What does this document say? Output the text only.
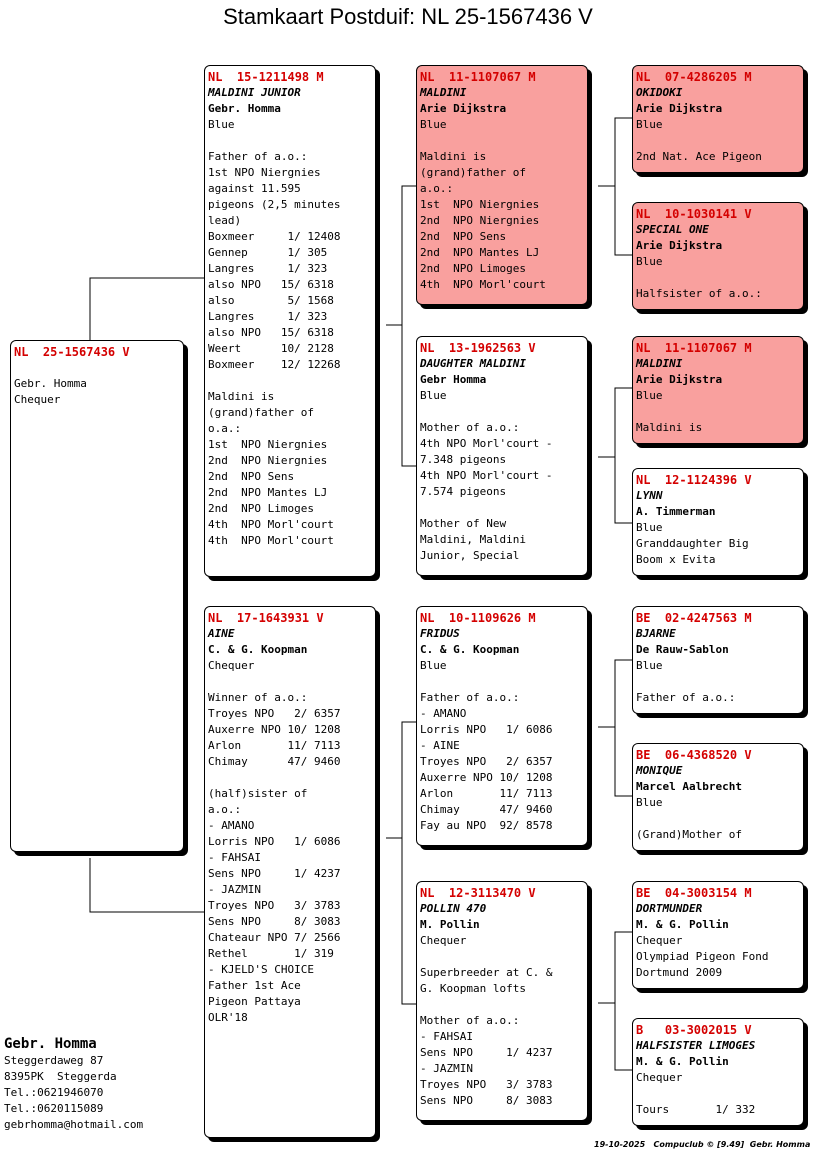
Stamkaart Postduif: NL 25-1567436 V
NL  25-1567436 V
Gebr. Homma
Chequer
NL  15-1211498 M
MALDINI JUNIOR
Gebr. Homma
Blue
Father of a.o.:
1st NPO Niergnies
against 11.595
pigeons (2,5 minutes
lead)
Boxmeer     1/ 12408
Gennep      1/ 305
Langres     1/ 323
also NPO   15/ 6318
also        5/ 1568
Langres     1/ 323
also NPO   15/ 6318
Weert      10/ 2128
Boxmeer    12/ 12268
Maldini is
(grand)father of
o.a.:
1st  NPO Niergnies
2nd  NPO Niergnies
2nd  NPO Sens
2nd  NPO Mantes LJ
2nd  NPO Limoges
4th  NPO Morl'court
4th  NPO Morl'court
NL  17-1643931 V
AINE
C. & G. Koopman
Chequer
Winner of a.o.:
Troyes NPO   2/ 6357
Auxerre NPO 10/ 1208
Arlon       11/ 7113
Chimay      47/ 9460
(half)sister of
a.o.:
- AMANO
Lorris NPO   1/ 6086
- FAHSAI
Sens NPO     1/ 4237
- JAZMIN
Troyes NPO   3/ 3783
Sens NPO     8/ 3083
Chateaur NPO 7/ 2566
Rethel       1/ 319
- KJELD'S CHOICE
Father 1st Ace
Pigeon Pattaya
OLR'18
NL  11-1107067 M
MALDINI
Arie Dijkstra
Blue
Maldini is
(grand)father of
a.o.:
1st  NPO Niergnies
2nd  NPO Niergnies
2nd  NPO Sens
2nd  NPO Mantes LJ
2nd  NPO Limoges
4th  NPO Morl'court
NL  13-1962563 V
DAUGHTER MALDINI
Gebr Homma
Blue
Mother of a.o.:
4th NPO Morl'court -
7.348 pigeons
4th NPO Morl'court -
7.574 pigeons
Mother of New
Maldini, Maldini
Junior, Special
NL  10-1109626 M
FRIDUS
C. & G. Koopman
Blue
Father of a.o.:
- AMANO
Lorris NPO   1/ 6086
- AINE
Troyes NPO   2/ 6357
Auxerre NPO 10/ 1208
Arlon       11/ 7113
Chimay      47/ 9460
Fay au NPO  92/ 8578
NL  12-3113470 V
POLLIN 470
M. Pollin
Chequer
Superbreeder at C. &
G. Koopman lofts
Mother of a.o.:
- FAHSAI
Sens NPO     1/ 4237
- JAZMIN
Troyes NPO   3/ 3783
Sens NPO     8/ 3083
NL  07-4286205 M
OKIDOKI
Arie Dijkstra
Blue
2nd Nat. Ace Pigeon
NL  10-1030141 V
SPECIAL ONE
Arie Dijkstra
Blue
Halfsister of a.o.:
NL  11-1107067 M
MALDINI
Arie Dijkstra
Blue
Maldini is
NL  12-1124396 V
LYNN
A. Timmerman
Blue
Granddaughter Big
Boom x Evita
BE  02-4247563 M
BJARNE
De Rauw-Sablon
Blue
Father of a.o.:
BE  06-4368520 V
MONIQUE
Marcel Aalbrecht
Blue
(Grand)Mother of
BE  04-3003154 M
DORTMUNDER
M. & G. Pollin
Chequer
Olympiad Pigeon Fond
Dortmund 2009
B   03-3002015 V
HALFSISTER LIMOGES
M. & G. Pollin
Chequer
Tours       1/ 332
Gebr. Homma
Steggerdaweg 87
8395PK  Steggerda
Tel.:0621946070
Tel.:0620115089
gebrhomma@hotmail.com
19-10-2025   Compuclub © [9.49]  Gebr. Homma
